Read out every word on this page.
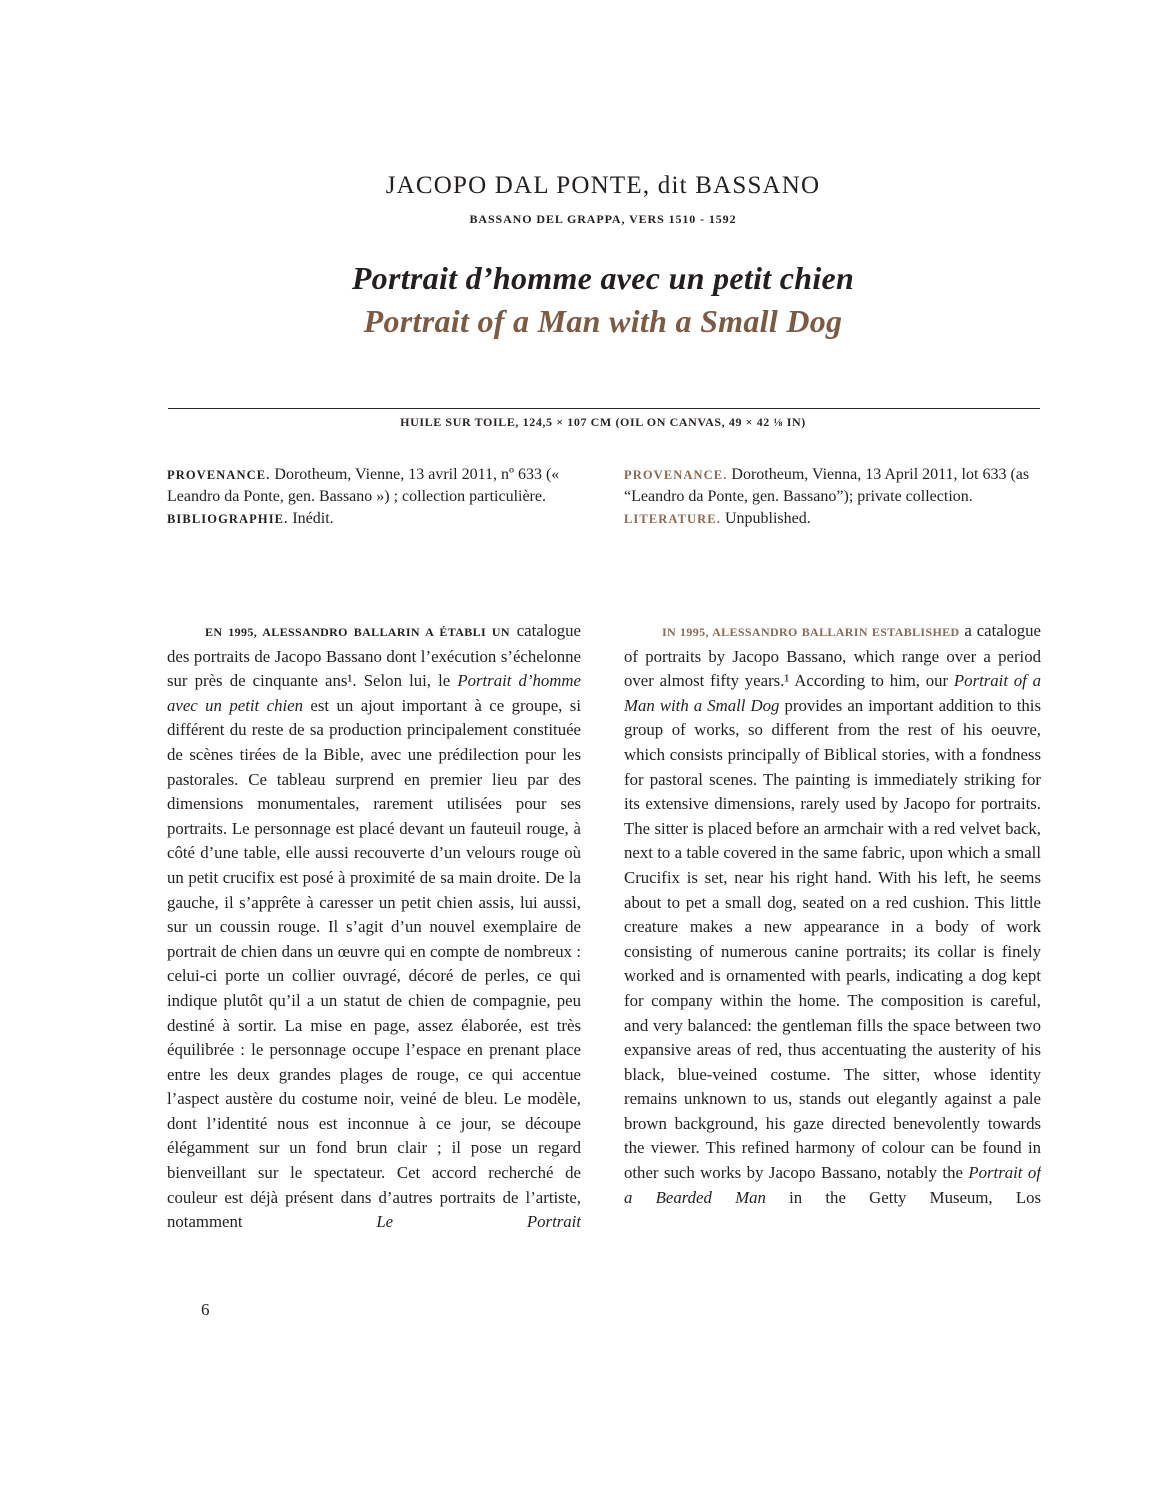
JACOPO DAL PONTE, dit BASSANO
BASSANO DEL GRAPPA, VERS 1510 - 1592
Portrait d’homme avec un petit chien
Portrait of a Man with a Small Dog
HUILE SUR TOILE, 124,5 × 107 CM (OIL ON CANVAS, 49 × 42 ⅛ IN)

PROVENANCE. Dorotheum, Vienne, 13 avril 2011, nº 633 (« Leandro da Ponte, gen. Bassano ») ; collection particulière.

BIBLIOGRAPHIE. Inédit.

PROVENANCE. Dorotheum, Vienna, 13 April 2011, lot 633 (as “Leandro da Ponte, gen. Bassano”); private collection.

LITERATURE. Unpublished.

EN 1995, ALESSANDRO BALLARIN A ÉTABLI UN catalogue des portraits de Jacopo Bassano dont l’exécution s’échelonne sur près de cinquante ans¹. Selon lui, le Portrait d’homme avec un petit chien est un ajout important à ce groupe, si différent du reste de sa production principalement constituée de scènes tirées de la Bible, avec une prédilection pour les pastorales. Ce tableau surprend en premier lieu par des dimensions monumentales, rarement utilisées pour ses portraits. Le personnage est placé devant un fauteuil rouge, à côté d’une table, elle aussi recouverte d’un velours rouge où un petit crucifix est posé à proximité de sa main droite. De la gauche, il s’apprête à caresser un petit chien assis, lui aussi, sur un coussin rouge. Il s’agit d’un nouvel exemplaire de portrait de chien dans un œuvre qui en compte de nombreux : celui-ci porte un collier ouvragé, décoré de perles, ce qui indique plutôt qu’il a un statut de chien de compagnie, peu destiné à sortir. La mise en page, assez élaborée, est très équilibrée : le personnage occupe l’espace en prenant place entre les deux grandes plages de rouge, ce qui accentue l’aspect austère du costume noir, veiné de bleu. Le modèle, dont l’identité nous est inconnue à ce jour, se découpe élégamment sur un fond brun clair ; il pose un regard bienveillant sur le spectateur. Cet accord recherché de couleur est déjà présent dans d’autres portraits de l’artiste, notamment Le Portrait

IN 1995, ALESSANDRO BALLARIN ESTABLISHED a catalogue of portraits by Jacopo Bassano, which range over a period over almost fifty years.¹ According to him, our Portrait of a Man with a Small Dog provides an important addition to this group of works, so different from the rest of his oeuvre, which consists principally of Biblical stories, with a fondness for pastoral scenes. The painting is immediately striking for its extensive dimensions, rarely used by Jacopo for portraits. The sitter is placed before an armchair with a red velvet back, next to a table covered in the same fabric, upon which a small Crucifix is set, near his right hand. With his left, he seems about to pet a small dog, seated on a red cushion. This little creature makes a new appearance in a body of work consisting of numerous canine portraits; its collar is finely worked and is ornamented with pearls, indicating a dog kept for company within the home. The composition is careful, and very balanced: the gentleman fills the space between two expansive areas of red, thus accentuating the austerity of his black, blue-veined costume. The sitter, whose identity remains unknown to us, stands out elegantly against a pale brown background, his gaze directed benevolently towards the viewer. This refined harmony of colour can be found in other such works by Jacopo Bassano, notably the Portrait of a Bearded Man in the Getty Museum, Los

6
